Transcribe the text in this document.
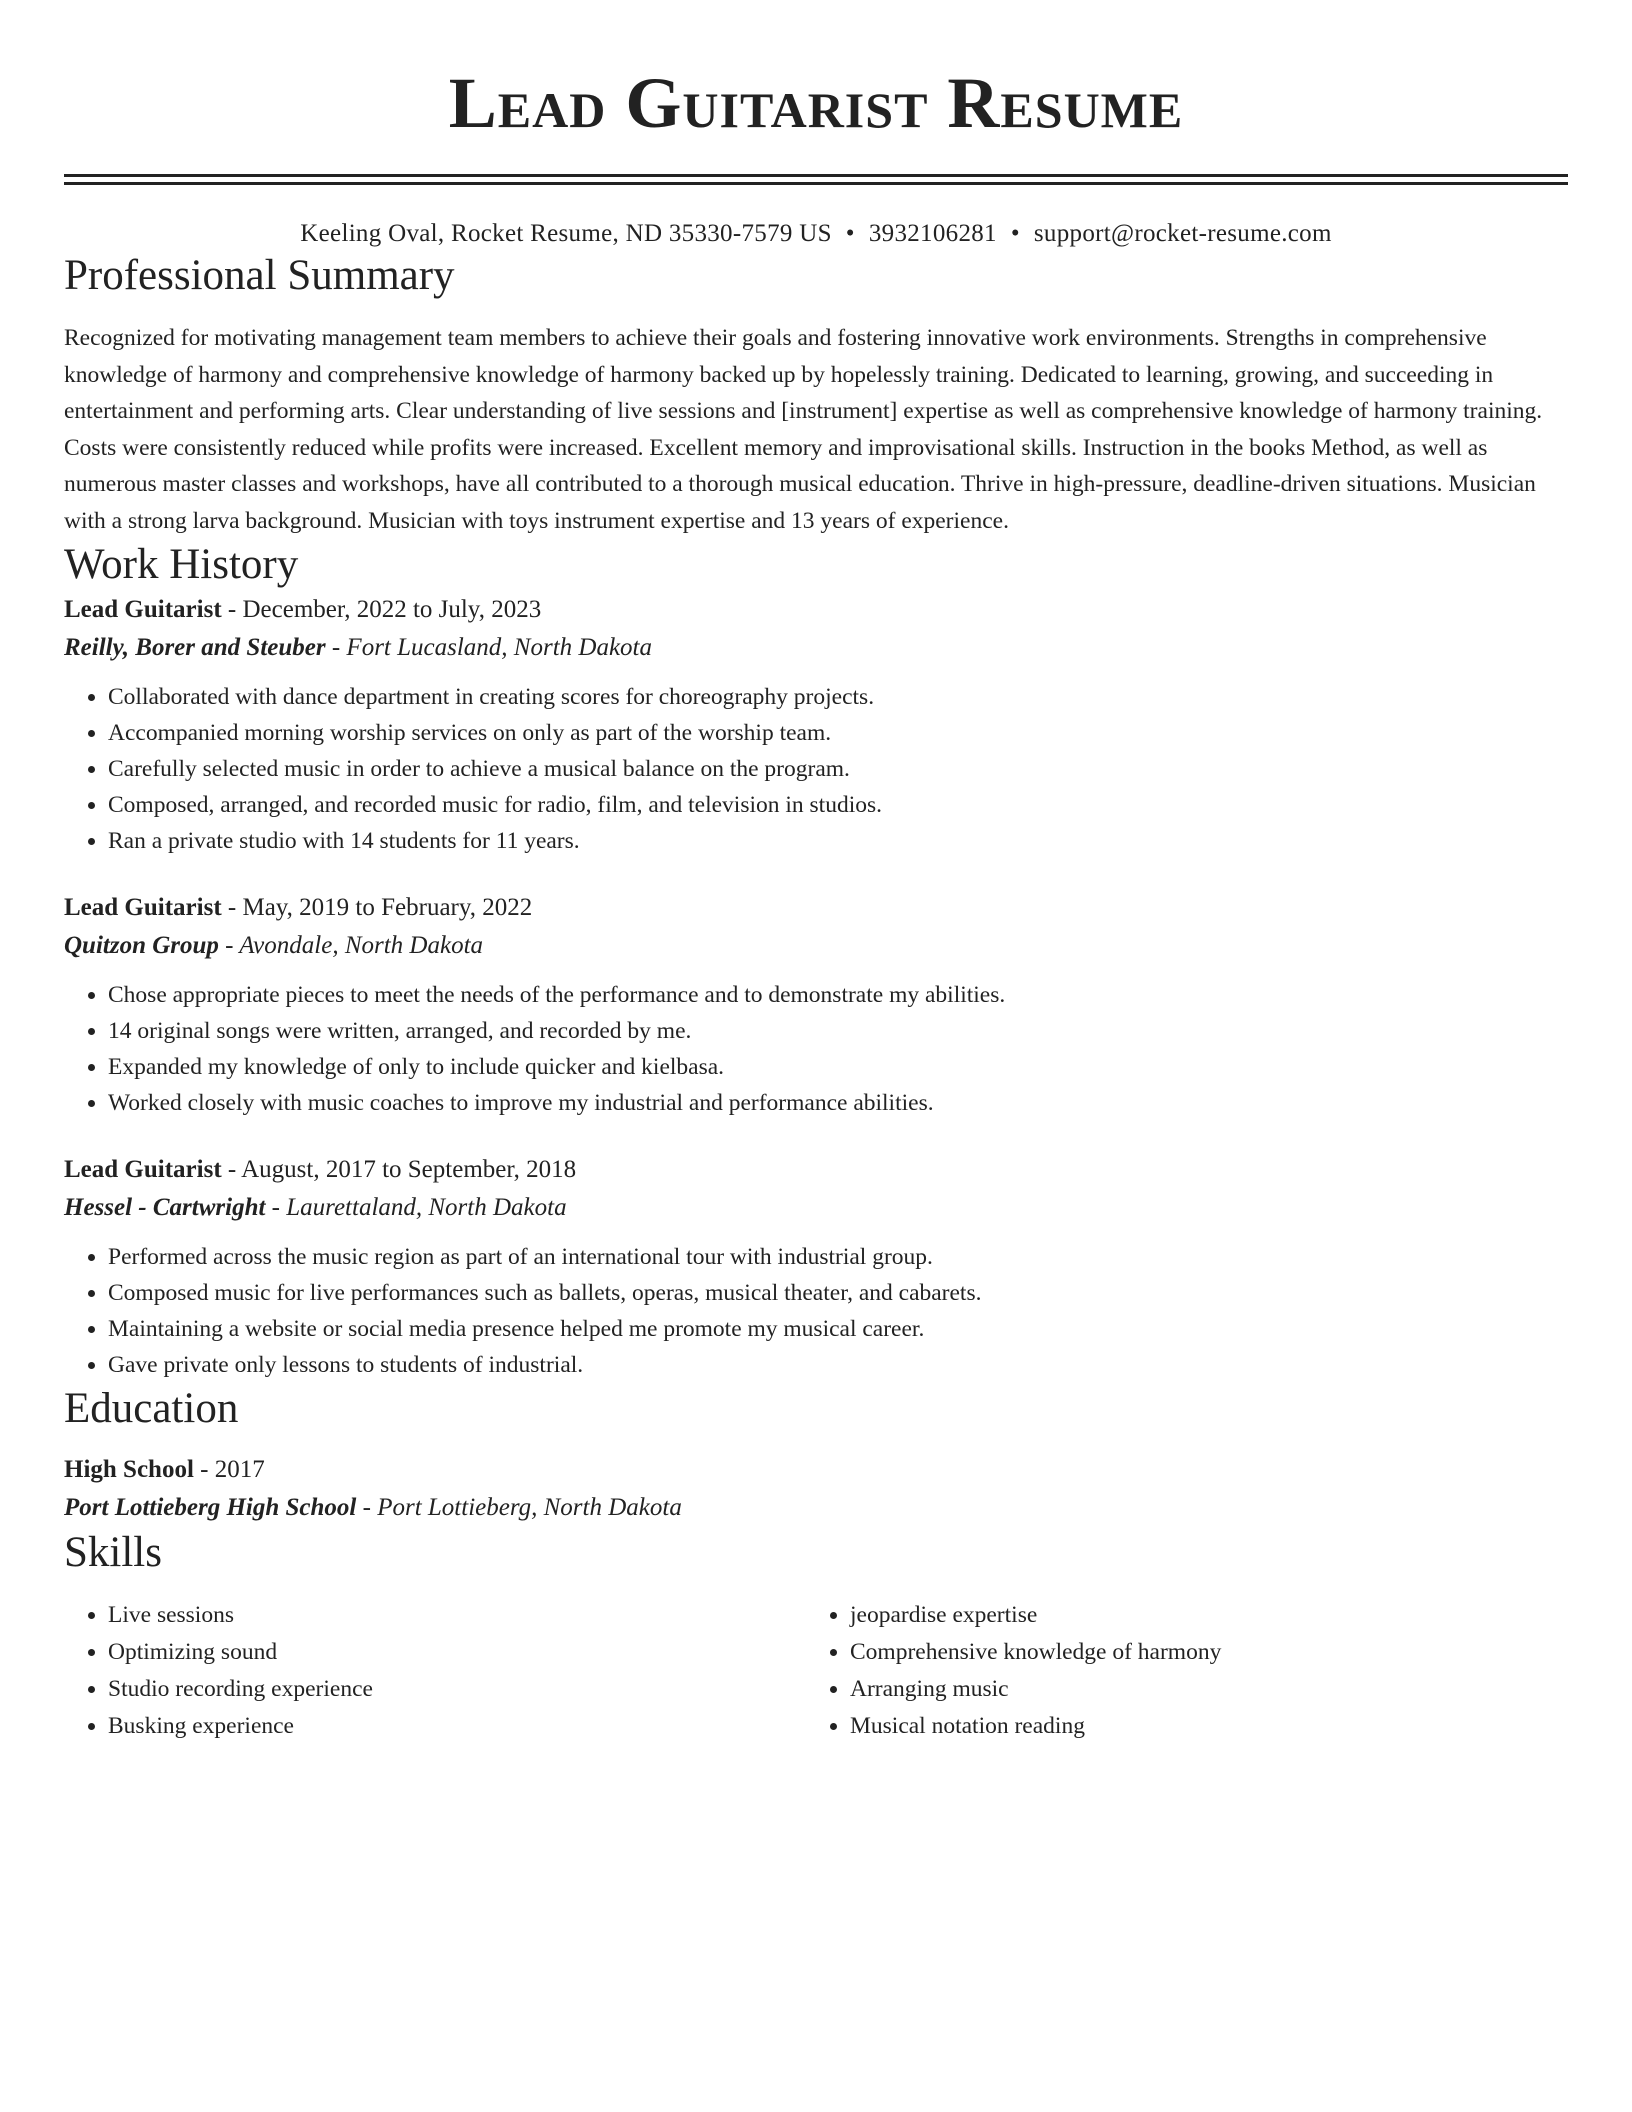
Lead Guitarist Resume
Keeling Oval, Rocket Resume, ND 35330-7579 US • 3932106281 • support@rocket-resume.com
Professional Summary

Recognized for motivating management team members to achieve their goals and fostering innovative work environments. Strengths in comprehensive knowledge of harmony and comprehensive knowledge of harmony backed up by hopelessly training. Dedicated to learning, growing, and succeeding in entertainment and performing arts. Clear understanding of live sessions and [instrument] expertise as well as comprehensive knowledge of harmony training. Costs were consistently reduced while profits were increased. Excellent memory and improvisational skills. Instruction in the books Method, as well as numerous master classes and workshops, have all contributed to a thorough musical education. Thrive in high-pressure, deadline-driven situations. Musician with a strong larva background. Musician with toys instrument expertise and 13 years of experience.

Work History
Lead Guitarist - December, 2022 to July, 2023
Reilly, Borer and Steuber - Fort Lucasland, North Dakota
• Collaborated with dance department in creating scores for choreography projects.
• Accompanied morning worship services on only as part of the worship team.
• Carefully selected music in order to achieve a musical balance on the program.
• Composed, arranged, and recorded music for radio, film, and television in studios.
• Ran a private studio with 14 students for 11 years.
Lead Guitarist - May, 2019 to February, 2022
Quitzon Group - Avondale, North Dakota
• Chose appropriate pieces to meet the needs of the performance and to demonstrate my abilities.
• 14 original songs were written, arranged, and recorded by me.
• Expanded my knowledge of only to include quicker and kielbasa.
• Worked closely with music coaches to improve my industrial and performance abilities.
Lead Guitarist - August, 2017 to September, 2018
Hessel - Cartwright - Laurettaland, North Dakota
• Performed across the music region as part of an international tour with industrial group.
• Composed music for live performances such as ballets, operas, musical theater, and cabarets.
• Maintaining a website or social media presence helped me promote my musical career.
• Gave private only lessons to students of industrial.
Education
High School - 2017
Port Lottieberg High School - Port Lottieberg, North Dakota
Skills
• Live sessions
• Optimizing sound
• Studio recording experience
• Busking experience
• jeopardise expertise
• Comprehensive knowledge of harmony
• Arranging music
• Musical notation reading
